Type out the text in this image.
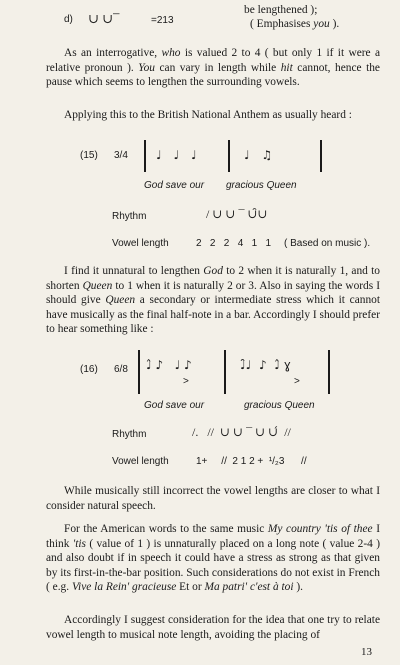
d) ∪ ∪ ̅ 	=213
be lengthened );
( Emphasises you ).

As an interrogative, who is valued 2 to 4 ( but only 1 if it were a relative pronoun ). You can vary in length while hit cannot, hence the pause which seems to lengthen the surrounding vowels.

Applying this to the British National Anthem as usually heard :

(15) 3/4 ♩ ♩ ♩	♩ ♫
God save our gracious Queen
Rhythm	/ ∪ ∪ ¯ ∪̑∪
Vowel length	2   2   2   4   1   1 ( Based on music ).

I find it unnatural to lengthen God to 2 when it is naturally 1, and to shorten Queen to 1 when it is naturally 2 or 3. Also in saying the words I should give Queen a secondary or intermediate stress which it cannot have musically as the final half-note in a bar. Accordingly I should prefer to hear something like :

(16) 6/8 ♩̂ ♪   ♩ ♪
>
♩̑♩  ♪  ♩̂ ɣ
>
God save our	gracious Queen
Rhythm	/.   //  ∪ ∪ ¯ ∪ ∪́  //
Vowel length	1+     //  2 1 2 +  ¹/₂3      //

While musically still incorrect the vowel lengths are closer to what I consider natural speech.

For the American words to the same music My country 'tis of thee I think 'tis ( value of 1 ) is unnaturally placed on a long note ( value 2-4 ) and also doubt if in speech it could have a stress as strong as that given by its first-in-the-bar position. Such considerations do not exist in French ( e.g. Vive la Rein' gracieuse Et or Ma patri' c'est à toi ).

Accordingly I suggest consideration for the idea that one try to relate vowel length to musical note length, avoiding the placing of

13
